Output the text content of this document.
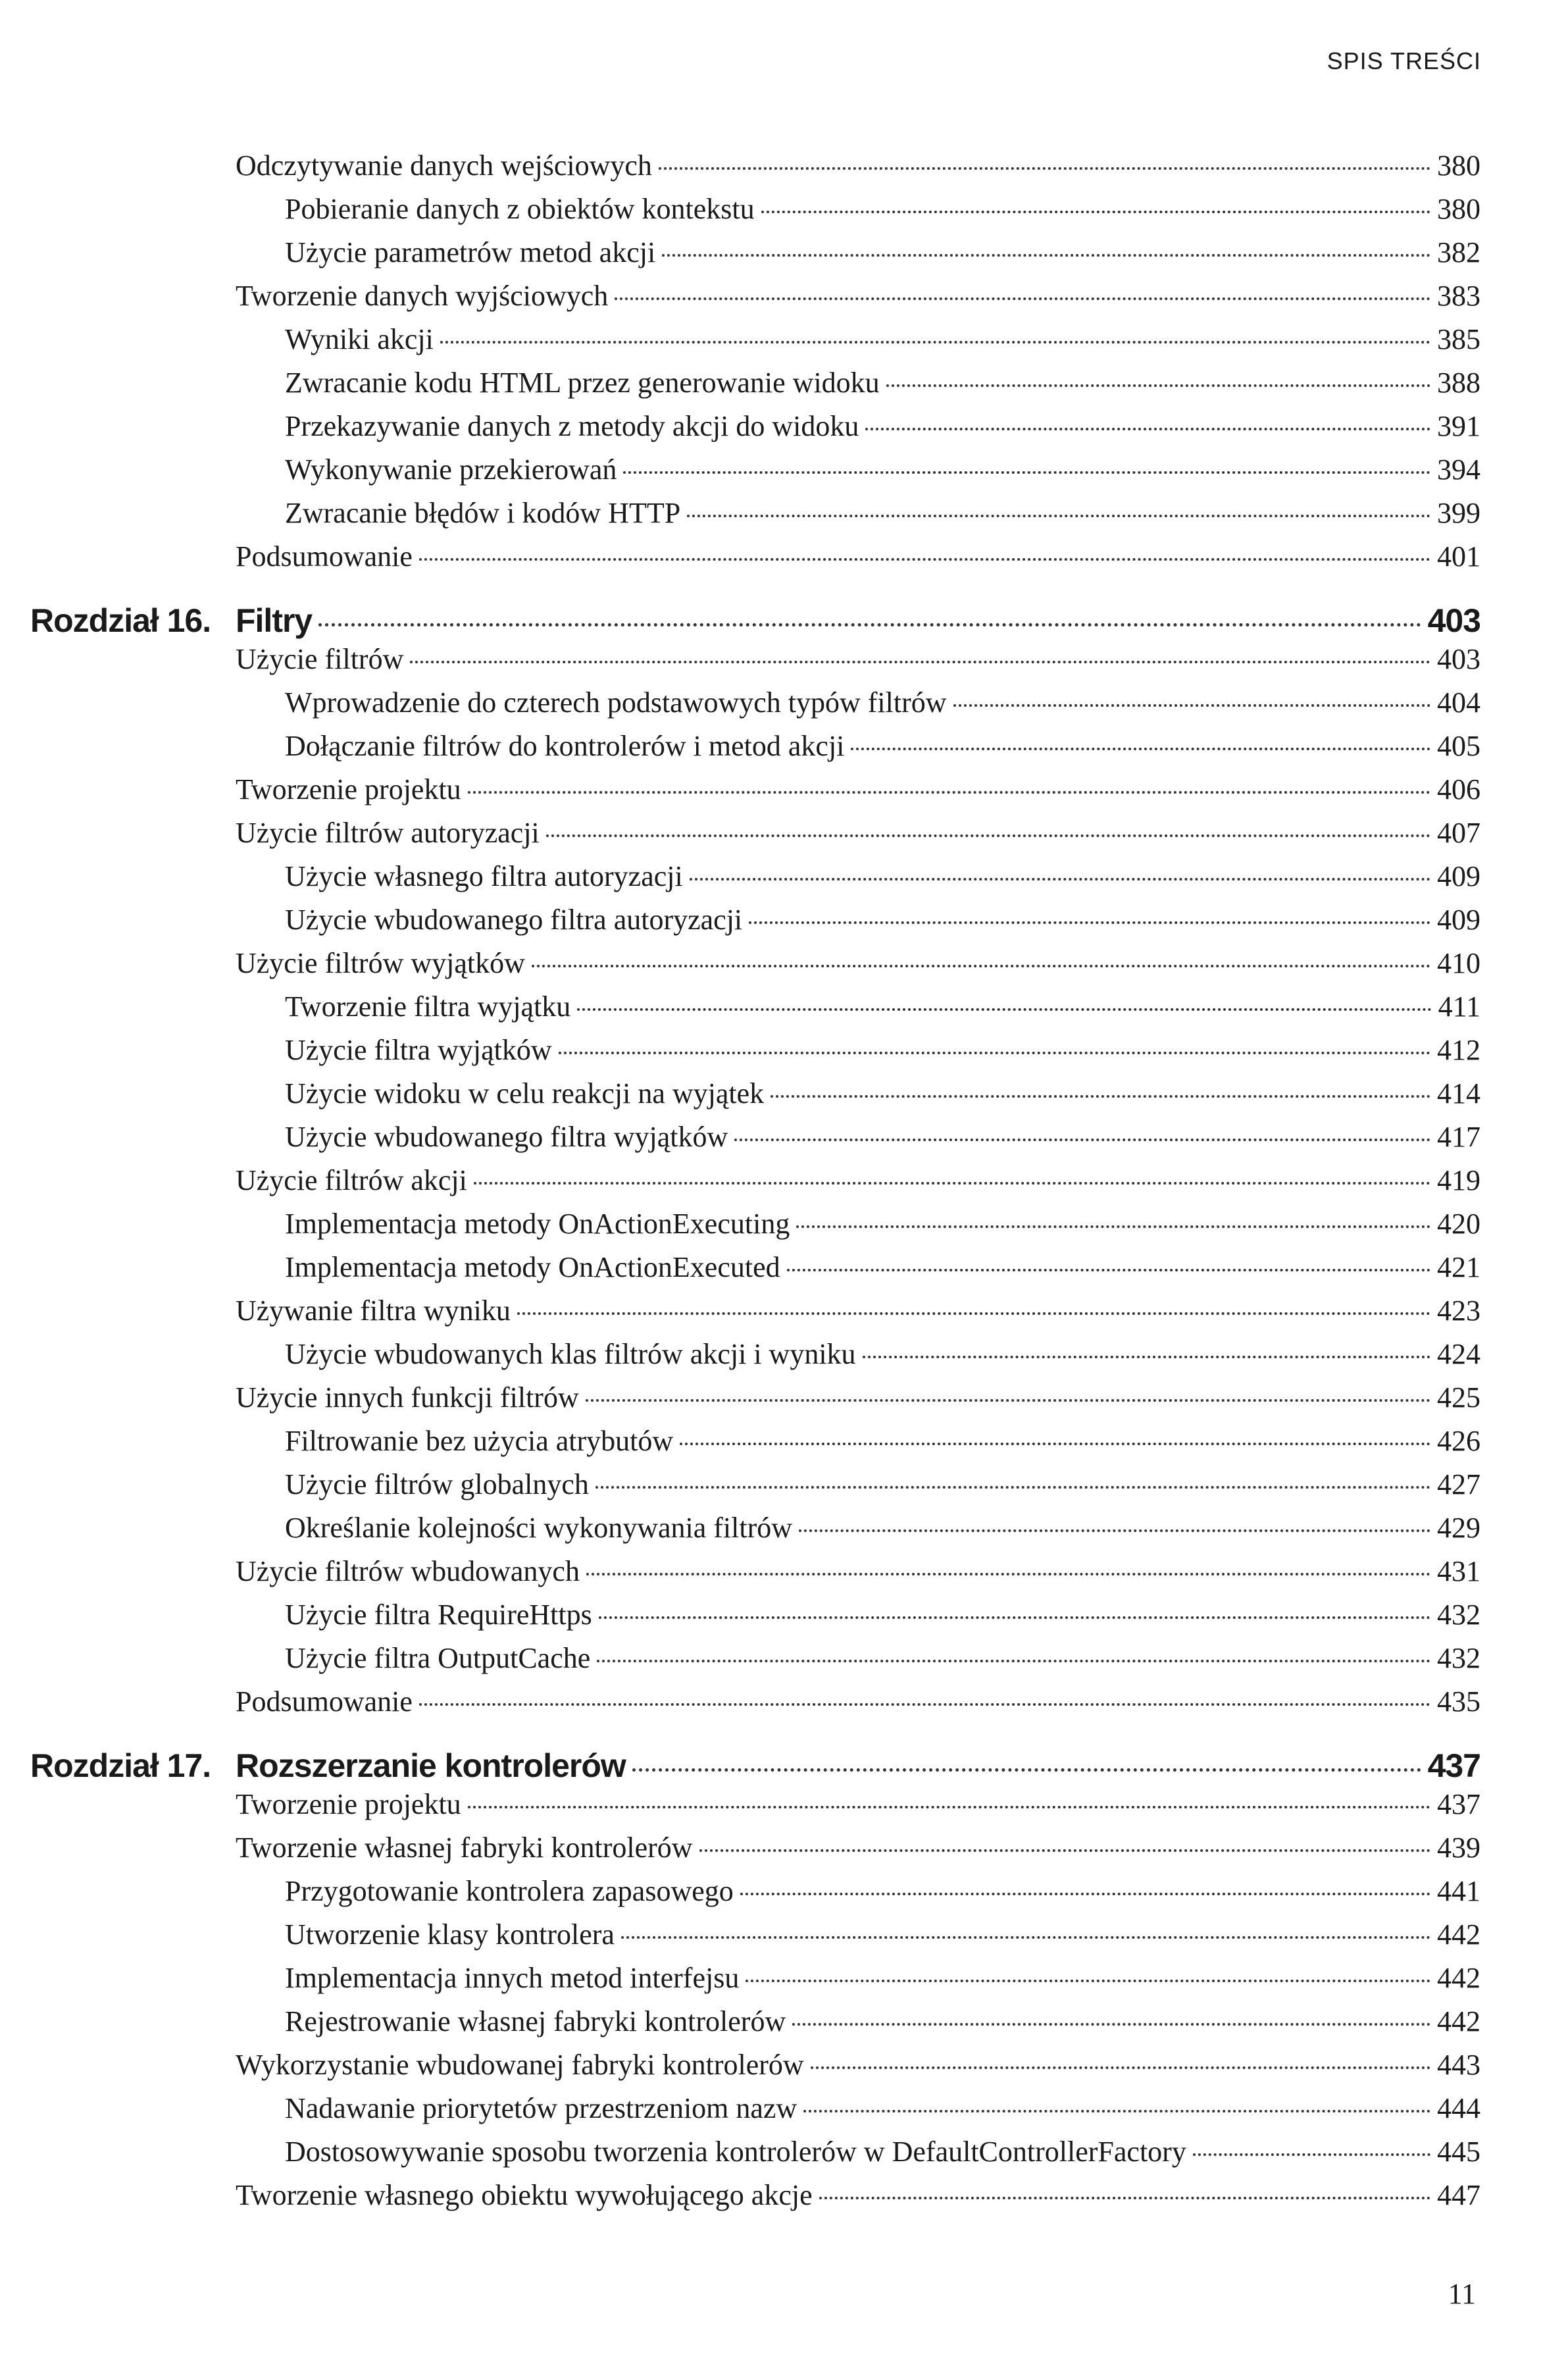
SPIS TREŚCI
Odczytywanie danych wejściowych	380
Pobieranie danych z obiektów kontekstu	380
Użycie parametrów metod akcji	382
Tworzenie danych wyjściowych	383
Wyniki akcji	385
Zwracanie kodu HTML przez generowanie widoku	388
Przekazywanie danych z metody akcji do widoku	391
Wykonywanie przekierowań	394
Zwracanie błędów i kodów HTTP	399
Podsumowanie	401
Rozdział 16. Filtry	403
Użycie filtrów	403
Wprowadzenie do czterech podstawowych typów filtrów	404
Dołączanie filtrów do kontrolerów i metod akcji	405
Tworzenie projektu	406
Użycie filtrów autoryzacji	407
Użycie własnego filtra autoryzacji	409
Użycie wbudowanego filtra autoryzacji	409
Użycie filtrów wyjątków	410
Tworzenie filtra wyjątku	411
Użycie filtra wyjątków	412
Użycie widoku w celu reakcji na wyjątek	414
Użycie wbudowanego filtra wyjątków	417
Użycie filtrów akcji	419
Implementacja metody OnActionExecuting	420
Implementacja metody OnActionExecuted	421
Używanie filtra wyniku	423
Użycie wbudowanych klas filtrów akcji i wyniku	424
Użycie innych funkcji filtrów	425
Filtrowanie bez użycia atrybutów	426
Użycie filtrów globalnych	427
Określanie kolejności wykonywania filtrów	429
Użycie filtrów wbudowanych	431
Użycie filtra RequireHttps	432
Użycie filtra OutputCache	432
Podsumowanie	435
Rozdział 17. Rozszerzanie kontrolerów	437
Tworzenie projektu	437
Tworzenie własnej fabryki kontrolerów	439
Przygotowanie kontrolera zapasowego	441
Utworzenie klasy kontrolera	442
Implementacja innych metod interfejsu	442
Rejestrowanie własnej fabryki kontrolerów	442
Wykorzystanie wbudowanej fabryki kontrolerów	443
Nadawanie priorytetów przestrzeniom nazw	444
Dostosowywanie sposobu tworzenia kontrolerów w DefaultControllerFactory	445
Tworzenie własnego obiektu wywołującego akcje	447
11
